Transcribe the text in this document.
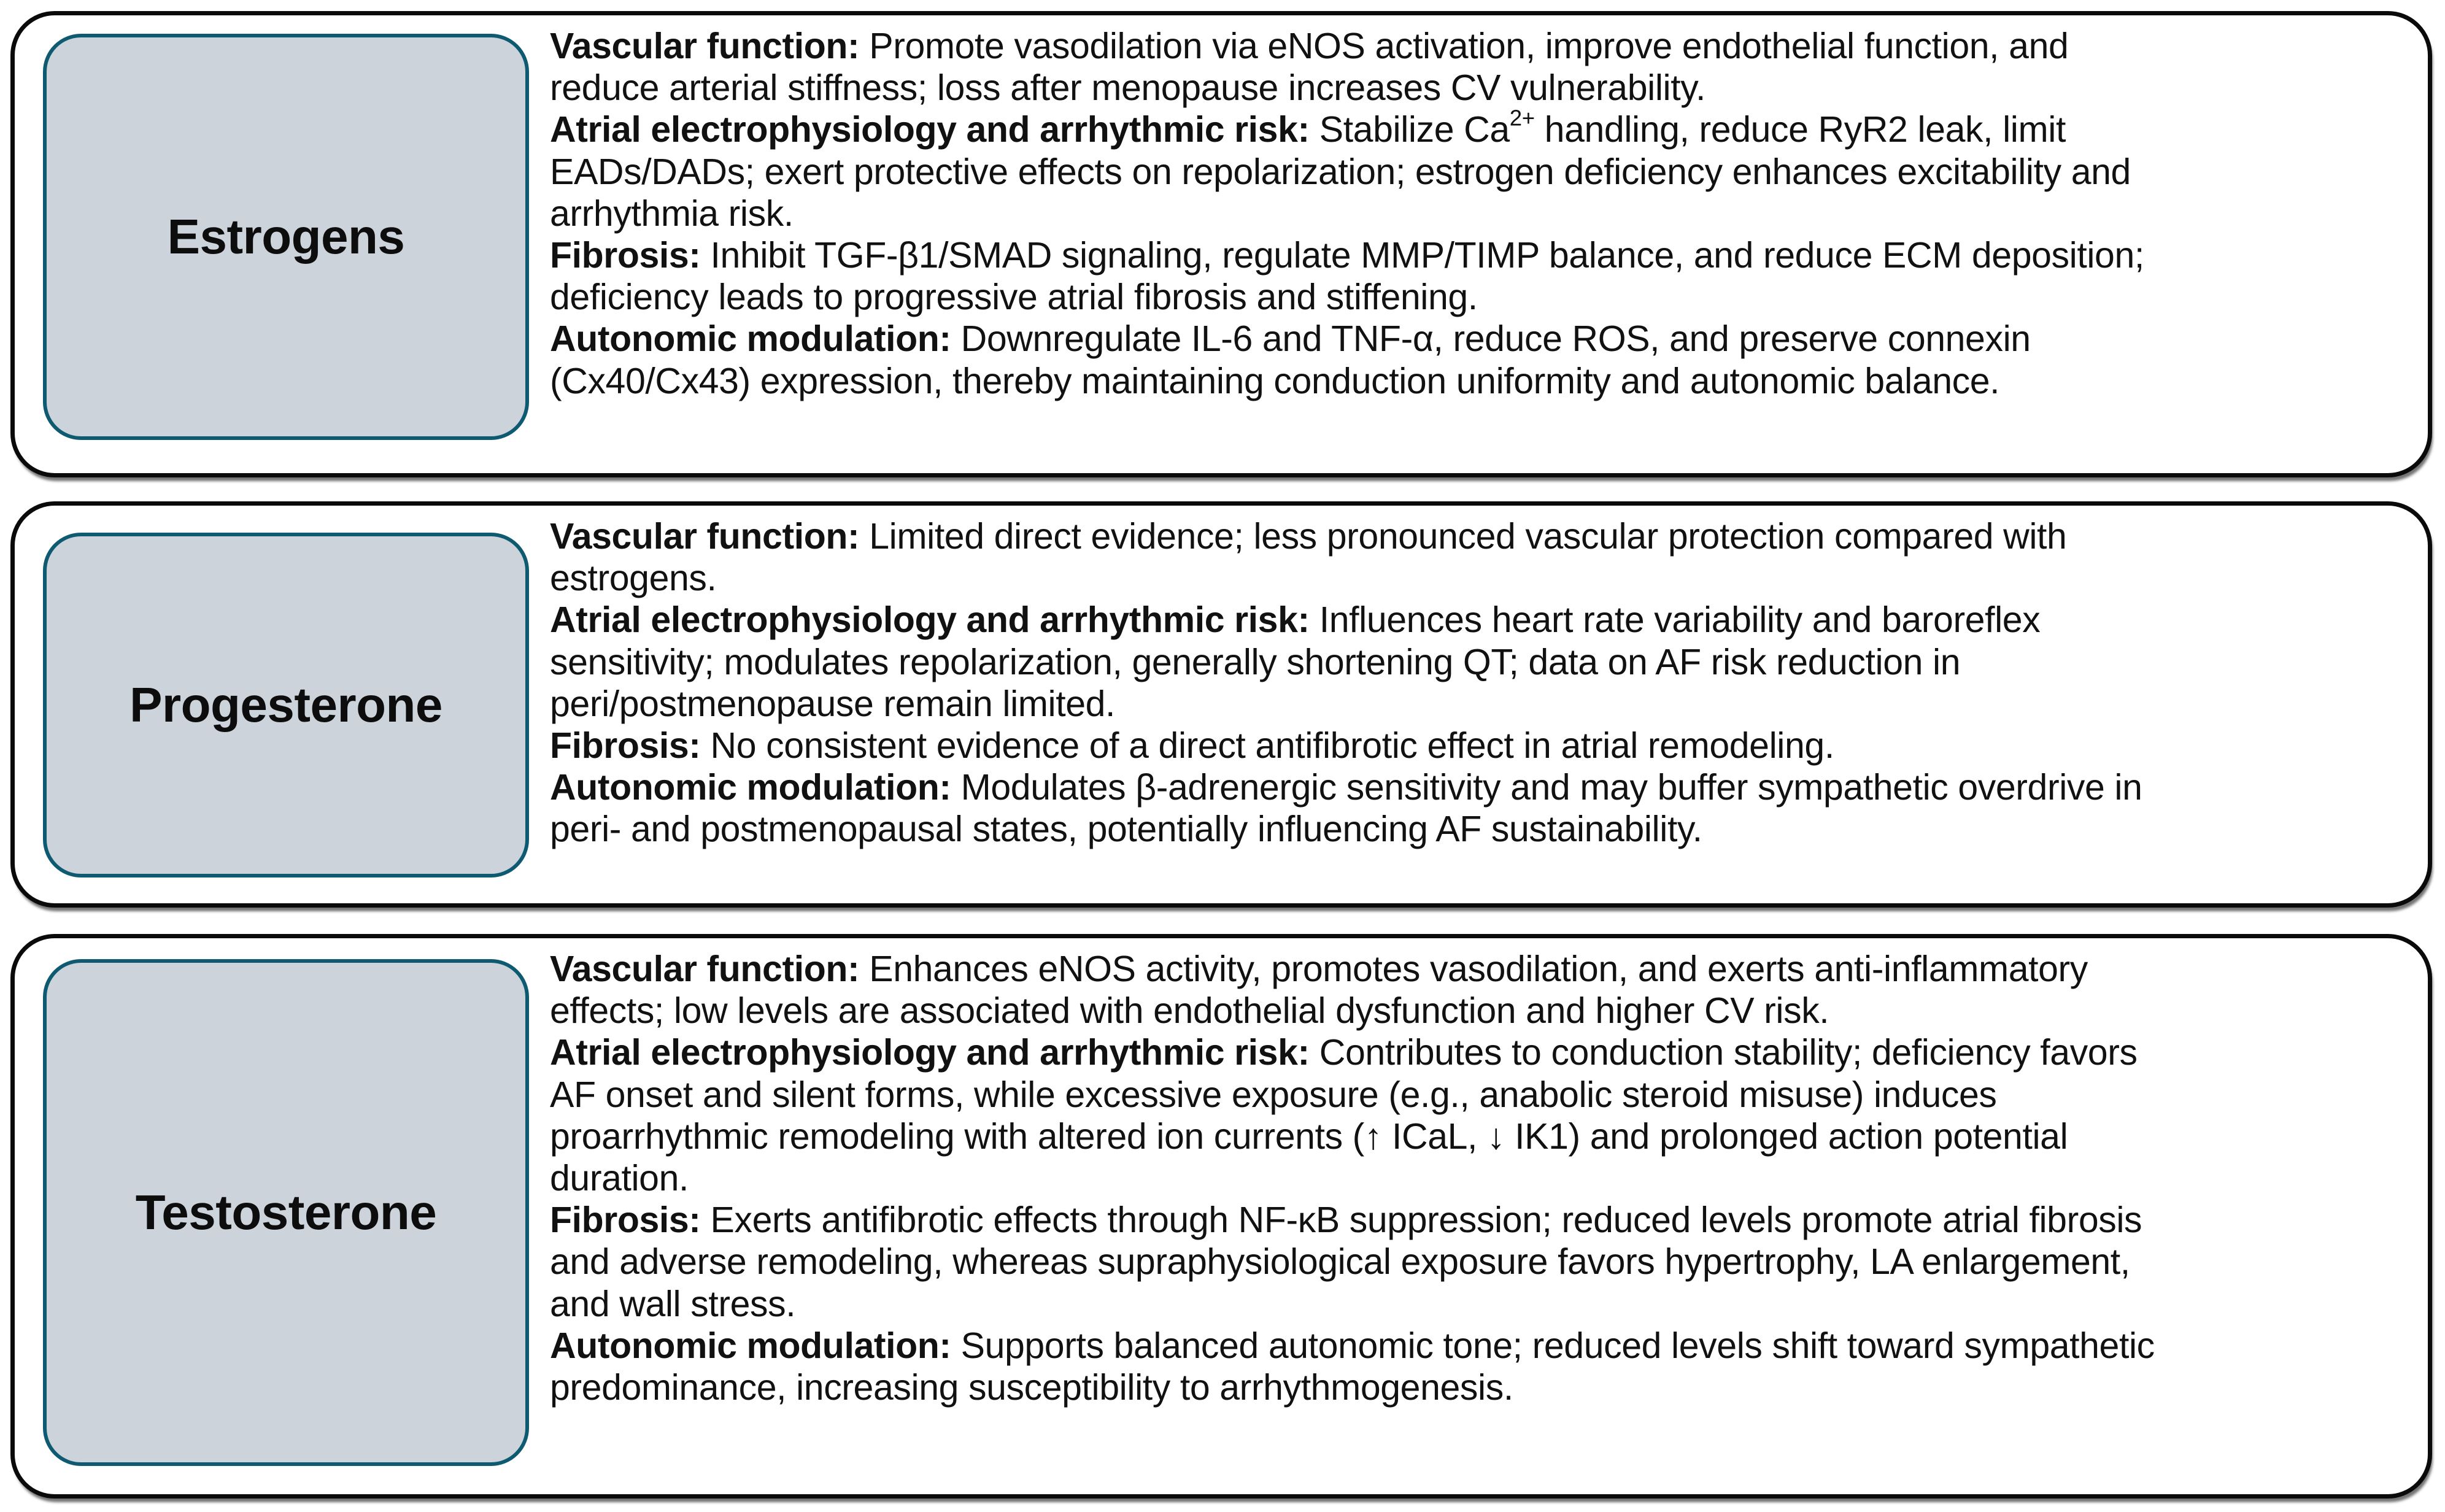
Estrogens
Vascular function: Promote vasodilation via eNOS activation, improve endothelial function, and
reduce arterial stiffness; loss after menopause increases CV vulnerability.
Atrial electrophysiology and arrhythmic risk: Stabilize $Ca^{2+}$ handling, reduce RyR2 leak, limit
EADs/DADs; exert protective effects on repolarization; estrogen deficiency enhances excitability and
arrhythmia risk.
Fibrosis: Inhibit TGF-β1/SMAD signaling, regulate MMP/TIMP balance, and reduce ECM deposition;
deficiency leads to progressive atrial fibrosis and stiffening.
Autonomic modulation: Downregulate IL-6 and TNF-α, reduce ROS, and preserve connexin
(Cx40/Cx43) expression, thereby maintaining conduction uniformity and autonomic balance.
Progesterone
Vascular function: Limited direct evidence; less pronounced vascular protection compared with
estrogens.
Atrial electrophysiology and arrhythmic risk: Influences heart rate variability and baroreflex
sensitivity; modulates repolarization, generally shortening QT; data on AF risk reduction in
peri/postmenopause remain limited.
Fibrosis: No consistent evidence of a direct antifibrotic effect in atrial remodeling.
Autonomic modulation: Modulates β-adrenergic sensitivity and may buffer sympathetic overdrive in
peri- and postmenopausal states, potentially influencing AF sustainability.
Testosterone
Vascular function: Enhances eNOS activity, promotes vasodilation, and exerts anti-inflammatory
effects; low levels are associated with endothelial dysfunction and higher CV risk.
Atrial electrophysiology and arrhythmic risk: Contributes to conduction stability; deficiency favors
AF onset and silent forms, while excessive exposure (e.g., anabolic steroid misuse) induces
proarrhythmic remodeling with altered ion currents (↑ ICaL, ↓ IK1) and prolonged action potential
duration.
Fibrosis: Exerts antifibrotic effects through NF-κB suppression; reduced levels promote atrial fibrosis
and adverse remodeling, whereas supraphysiological exposure favors hypertrophy, LA enlargement,
and wall stress.
Autonomic modulation: Supports balanced autonomic tone; reduced levels shift toward sympathetic
predominance, increasing susceptibility to arrhythmogenesis.
